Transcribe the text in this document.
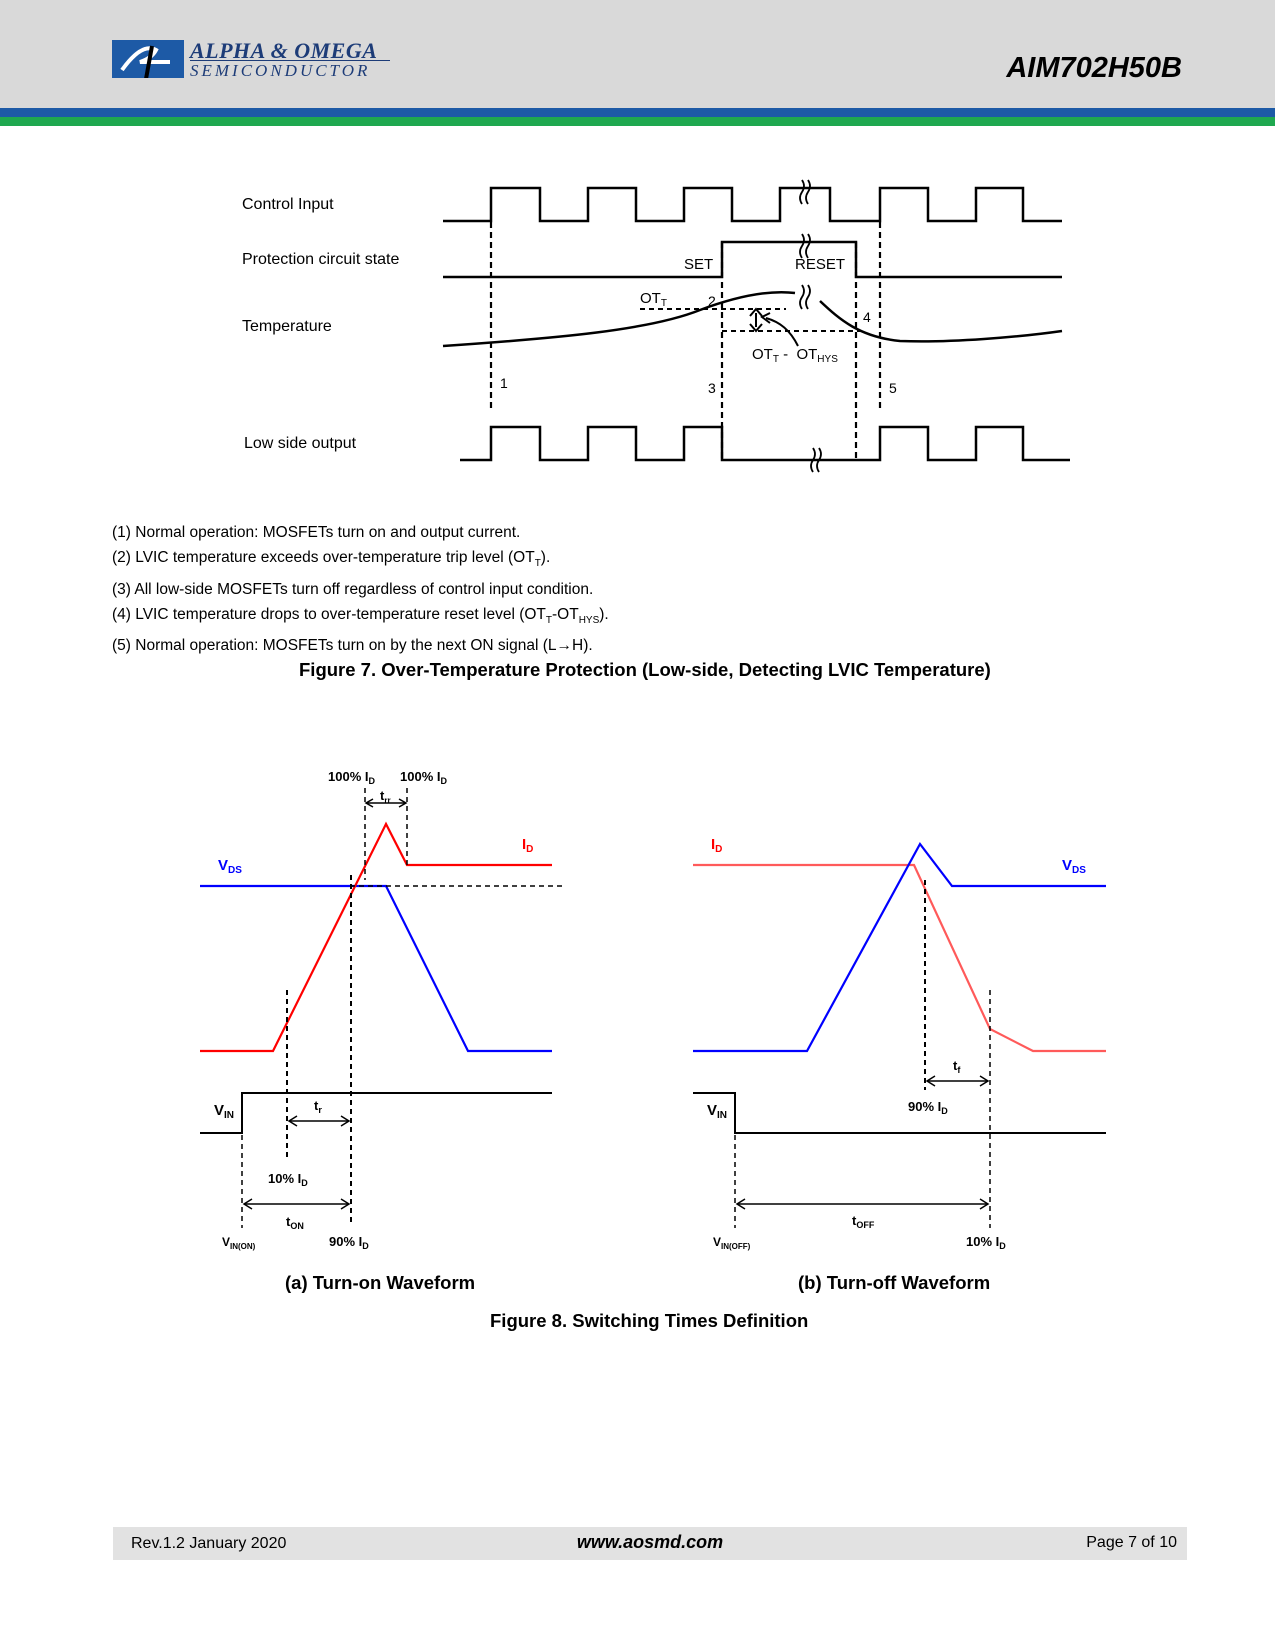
ALPHA & OMEGA
SEMICONDUCTOR	AIM702H50B
Control Input
Protection circuit state
Temperature
Low side output
SET	RESET
$OT_T$
$OT_T - OT_{HYS}$
1
2
3
4
5
(1) Normal operation: MOSFETs turn on and output current.
(2) LVIC temperature exceeds over-temperature trip level $(OT_T)$.
(3) All low-side MOSFETs turn off regardless of control input condition.
(4) LVIC temperature drops to over-temperature reset level $(OT_T-OT_{HYS})$.
(5) Normal operation: MOSFETs turn on by the next ON signal (L→H).
Figure 7. Over-Temperature Protection (Low-side, Detecting LVIC Temperature)
100% $I_D$ 100% $I_D$
$t_{rr}$
$I_D$
$V_{DS}$
$V_{IN}$
$t_r$
10% $I_D$
$t_{ON}$
$V_{IN(ON)}$	90% $I_D$
$I_D$
$V_{DS}$
$V_{IN}$
$t_f$
90% $I_D$
$t_{OFF}$
$V_{IN(OFF)}$	10% $I_D$
(a) Turn-on Waveform	(b) Turn-off Waveform
Figure 8. Switching Times Definition
Rev.1.2 January 2020	www.aosmd.com	Page 7 of 10
